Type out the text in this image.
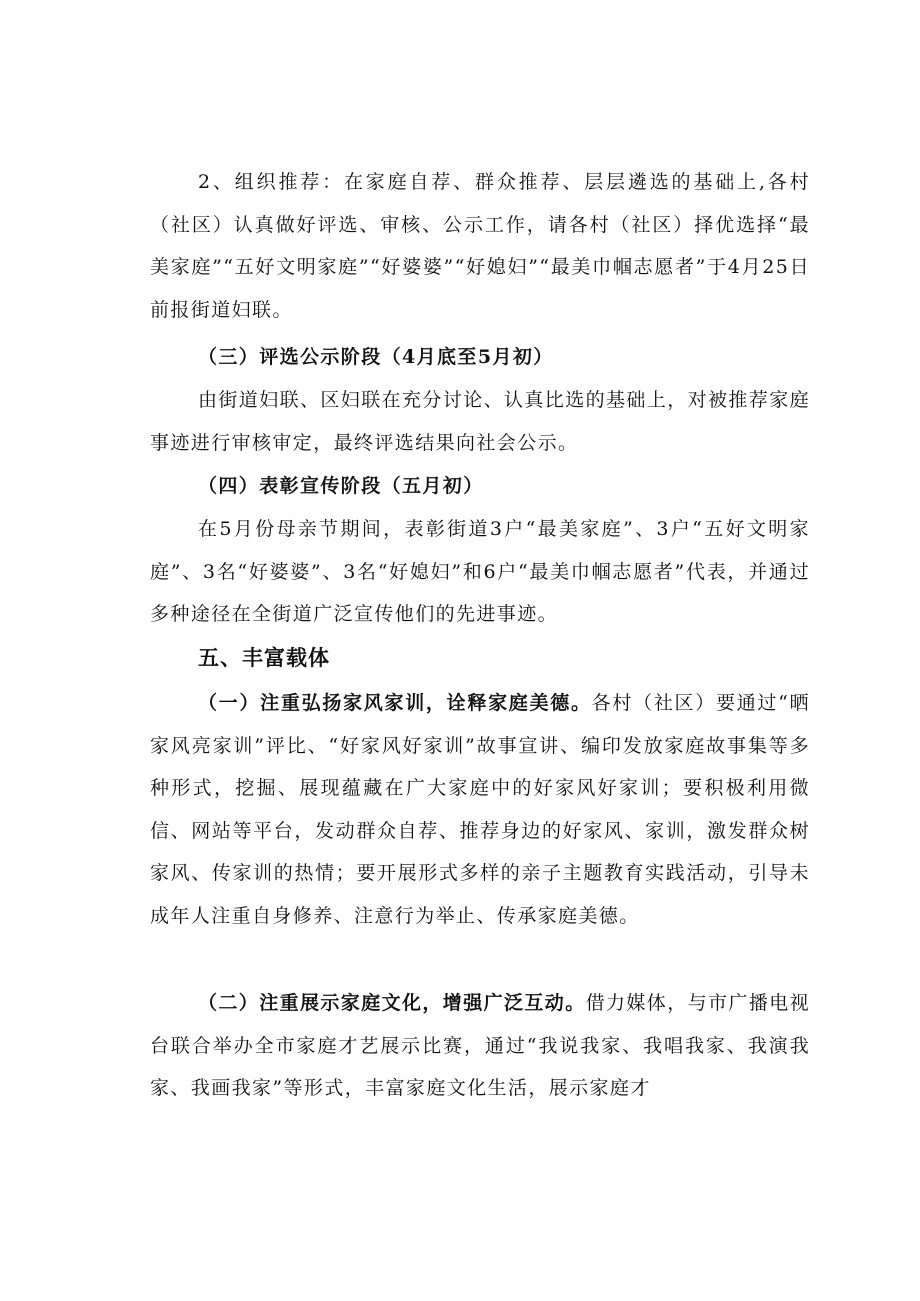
2、组织推荐：在家庭自荐、群众推荐、层层遴选的基础上,各村（社区）认真做好评选、审核、公示工作，请各村（社区）择优选择“最美家庭”“五好文明家庭”“好婆婆”“好媳妇”“最美巾帼志愿者”于4月25日前报街道妇联。

（三）评选公示阶段（4月底至5月初）

由街道妇联、区妇联在充分讨论、认真比选的基础上，对被推荐家庭事迹进行审核审定，最终评选结果向社会公示。

（四）表彰宣传阶段（五月初）

在5月份母亲节期间，表彰街道3户“最美家庭”、3户“五好文明家庭”、3名“好婆婆”、3名“好媳妇”和6户“最美巾帼志愿者”代表，并通过多种途径在全街道广泛宣传他们的先进事迹。

五、丰富载体

（一）注重弘扬家风家训，诠释家庭美德。各村（社区）要通过“晒家风亮家训”评比、“好家风好家训”故事宣讲、编印发放家庭故事集等多种形式，挖掘、展现蕴藏在广大家庭中的好家风好家训；要积极利用微信、网站等平台，发动群众自荐、推荐身边的好家风、家训，激发群众树家风、传家训的热情；要开展形式多样的亲子主题教育实践活动，引导未成年人注重自身修养、注意行为举止、传承家庭美德。

（二）注重展示家庭文化，增强广泛互动。借力媒体，与市广播电视台联合举办全市家庭才艺展示比赛，通过“我说我家、我唱我家、我演我家、我画我家”等形式，丰富家庭文化生活，展示家庭才
